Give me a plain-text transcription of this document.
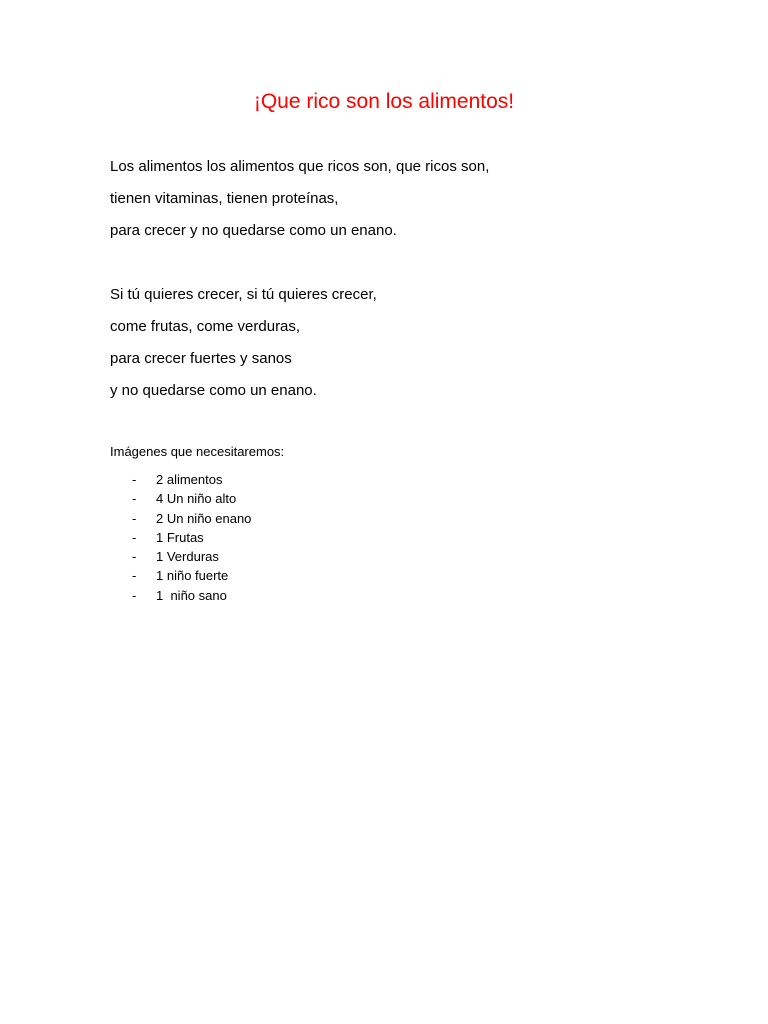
¡Que rico son los alimentos!
Los alimentos los alimentos que ricos son, que ricos son,
tienen vitaminas, tienen proteínas,
para crecer y no quedarse como un enano.
Si tú quieres crecer, si tú quieres crecer,
come frutas, come verduras,
para crecer fuertes y sanos
y no quedarse como un enano.
Imágenes que necesitaremos:
- 2 alimentos
- 4 Un niño alto
- 2 Un niño enano
- 1 Frutas
- 1 Verduras
- 1 niño fuerte
- 1  niño sano
